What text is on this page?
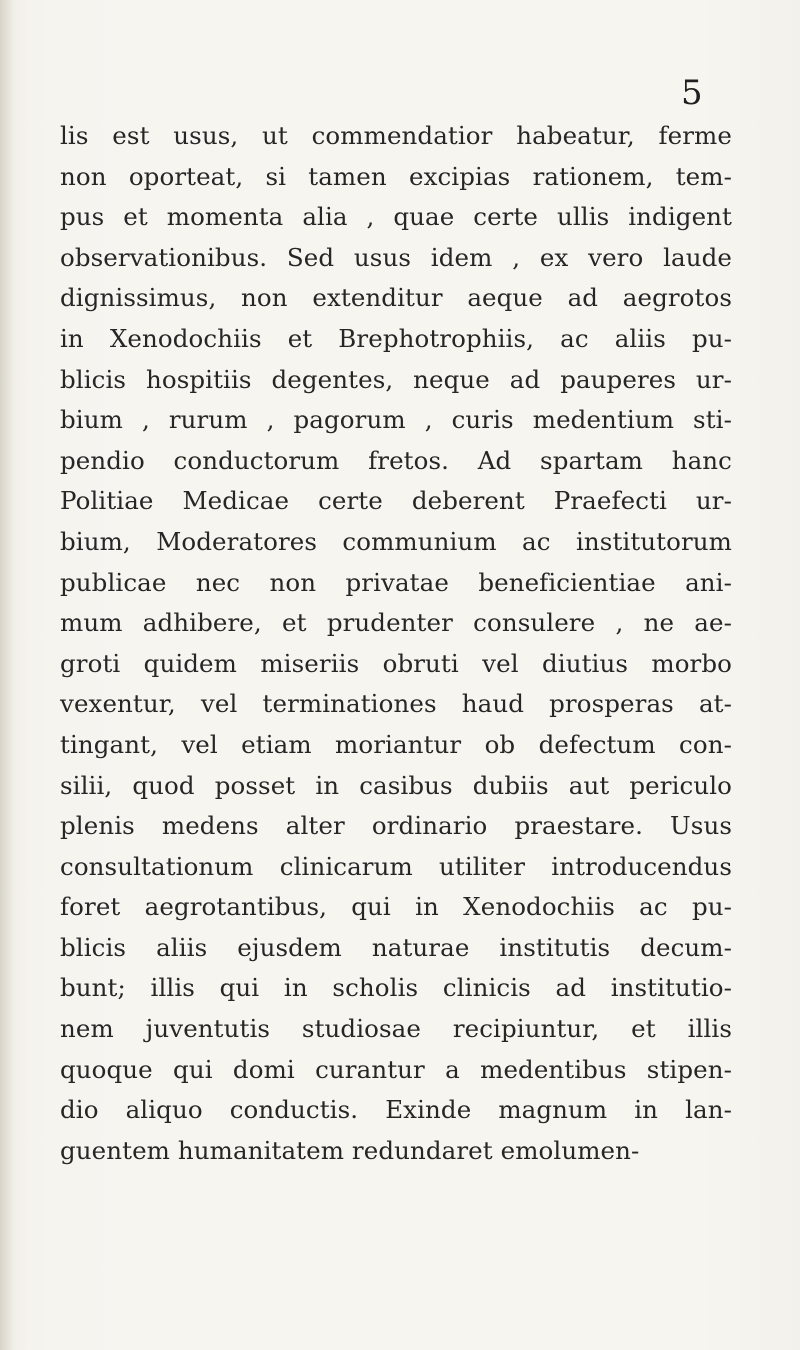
5
lis est usus, ut commendatior habeatur, ferme
non oporteat, si tamen excipias rationem, tem-
pus et momenta alia , quae certe ullis indigent
observationibus. Sed usus idem , ex vero laude
dignissimus, non extenditur aeque ad aegrotos
in Xenodochiis et Brephotrophiis, ac aliis pu-
blicis hospitiis degentes, neque ad pauperes ur-
bium , rurum , pagorum , curis medentium sti-
pendio conductorum fretos. Ad spartam hanc
Politiae Medicae certe deberent Praefecti ur-
bium, Moderatores communium ac institutorum
publicae nec non privatae beneficientiae ani-
mum adhibere, et prudenter consulere , ne ae-
groti quidem miseriis obruti vel diutius morbo
vexentur, vel terminationes haud prosperas at-
tingant, vel etiam moriantur ob defectum con-
silii, quod posset in casibus dubiis aut periculo
plenis medens alter ordinario praestare. Usus
consultationum clinicarum utiliter introducendus
foret aegrotantibus, qui in Xenodochiis ac pu-
blicis aliis ejusdem naturae institutis decum-
bunt; illis qui in scholis clinicis ad institutio-
nem juventutis studiosae recipiuntur, et illis
quoque qui domi curantur a medentibus stipen-
dio aliquo conductis. Exinde magnum in lan-
guentem humanitatem redundaret emolumen-
